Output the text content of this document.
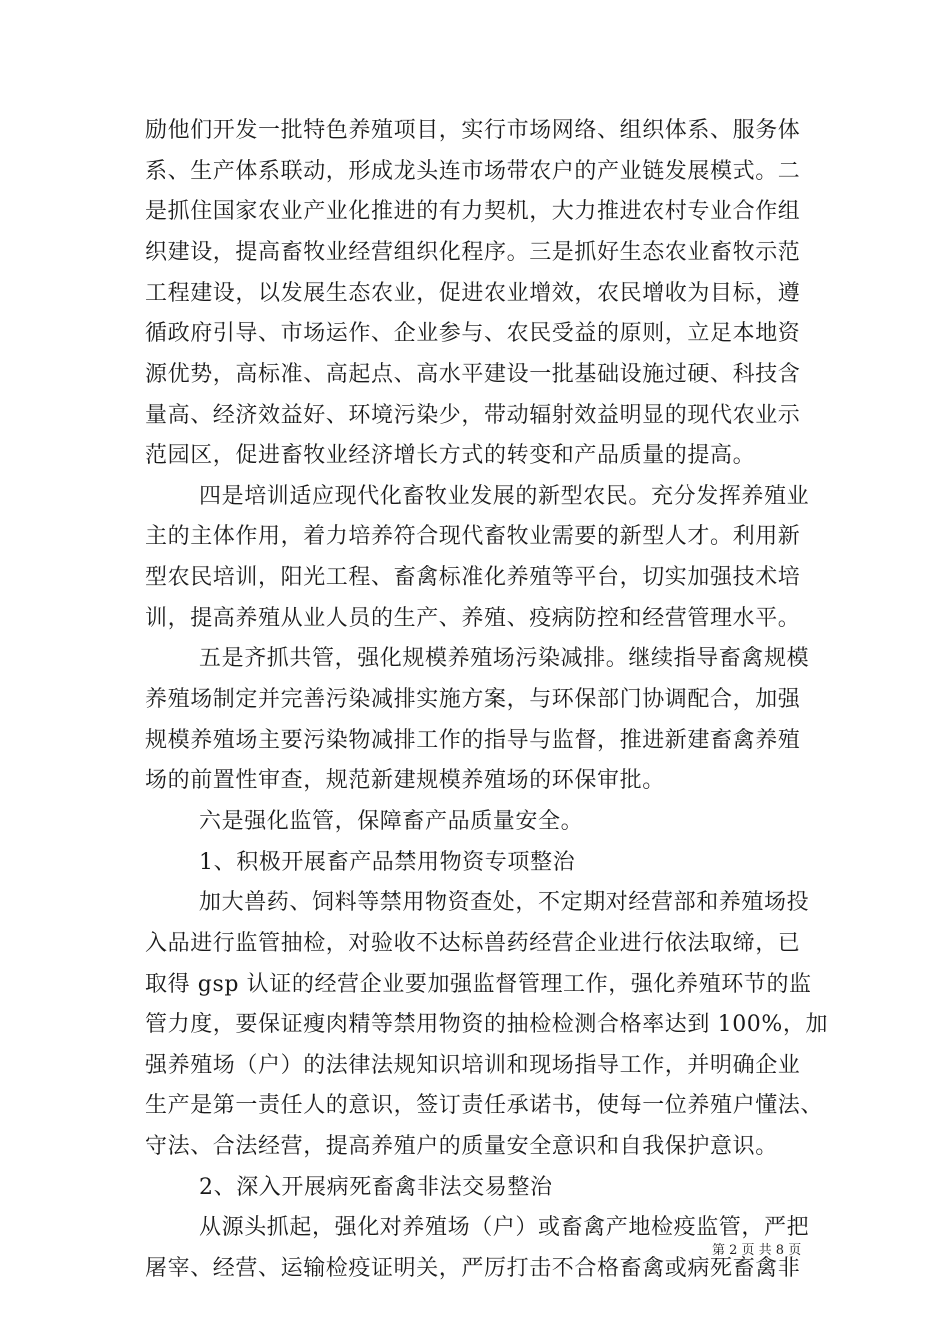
励他们开发一批特色养殖项目，实行市场网络、组织体系、服务体
系、生产体系联动，形成龙头连市场带农户的产业链发展模式。二
是抓住国家农业产业化推进的有力契机，大力推进农村专业合作组
织建设，提高畜牧业经营组织化程序。三是抓好生态农业畜牧示范
工程建设，以发展生态农业，促进农业增效，农民增收为目标，遵
循政府引导、市场运作、企业参与、农民受益的原则，立足本地资
源优势，高标准、高起点、高水平建设一批基础设施过硬、科技含
量高、经济效益好、环境污染少，带动辐射效益明显的现代农业示
范园区，促进畜牧业经济增长方式的转变和产品质量的提高。
四是培训适应现代化畜牧业发展的新型农民。充分发挥养殖业
主的主体作用，着力培养符合现代畜牧业需要的新型人才。利用新
型农民培训，阳光工程、畜禽标准化养殖等平台，切实加强技术培
训，提高养殖从业人员的生产、养殖、疫病防控和经营管理水平。
五是齐抓共管，强化规模养殖场污染减排。继续指导畜禽规模
养殖场制定并完善污染减排实施方案，与环保部门协调配合，加强
规模养殖场主要污染物减排工作的指导与监督，推进新建畜禽养殖
场的前置性审查，规范新建规模养殖场的环保审批。
六是强化监管，保障畜产品质量安全。
1、积极开展畜产品禁用物资专项整治
加大兽药、饲料等禁用物资查处，不定期对经营部和养殖场投
入品进行监管抽检，对验收不达标兽药经营企业进行依法取缔，已
取得 gsp 认证的经营企业要加强监督管理工作，强化养殖环节的监
管力度，要保证瘦肉精等禁用物资的抽检检测合格率达到 100%，加
强养殖场（户）的法律法规知识培训和现场指导工作，并明确企业
生产是第一责任人的意识，签订责任承诺书，使每一位养殖户懂法、
守法、合法经营，提高养殖户的质量安全意识和自我保护意识。
2、深入开展病死畜禽非法交易整治
从源头抓起，强化对养殖场（户）或畜禽产地检疫监管，严把
屠宰、经营、运输检疫证明关，严厉打击不合格畜禽或病死畜禽非
第 2 页 共 8 页
